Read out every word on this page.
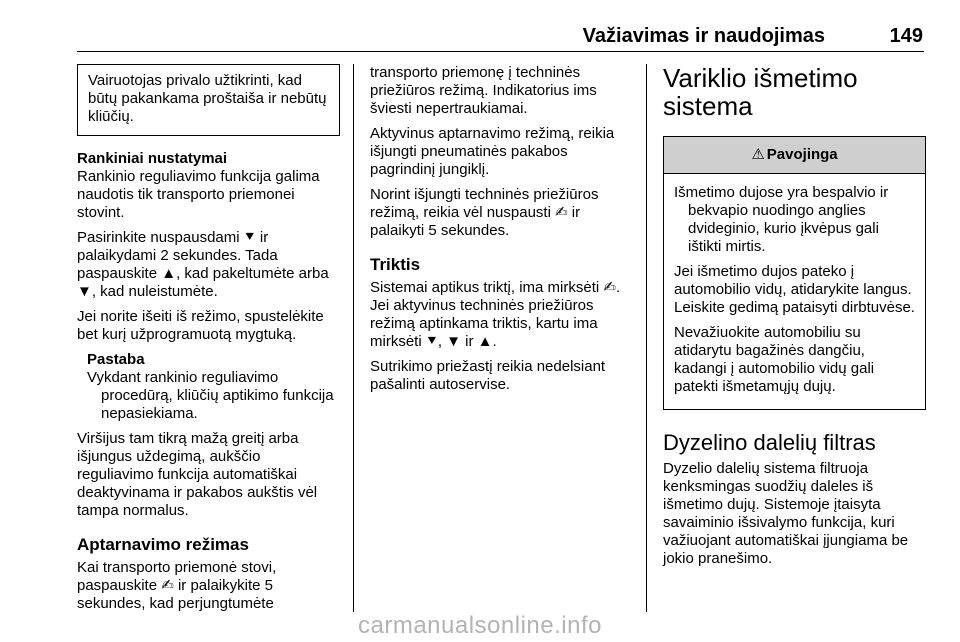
Važiavimas ir naudojimas	149
Vairuotojas privalo užtikrinti, kad būtų pakankama proštaiša ir nebūtų kliūčių.
Rankiniai nustatymai

Rankinio reguliavimo funkcija galima naudotis tik transporto priemonei stovint.

Pasirinkite nuspausdami ⯆ ir palaikydami 2 sekundes. Tada paspauskite ▲, kad pakeltumėte arba ▼, kad nuleistumėte.

Jei norite išeiti iš režimo, spustelėkite bet kurį užprogramuotą mygtuką.

Pastaba
Vykdant rankinio reguliavimo procedūrą, kliūčių aptikimo funkcija nepasiekiama.

Viršijus tam tikrą mažą greitį arba išjungus uždegimą, aukščio reguliavimo funkcija automatiškai deaktyvinama ir pakabos aukštis vėl tampa normalus.

Aptarnavimo režimas

Kai transporto priemonė stovi, paspauskite ✍ ir palaikykite 5 sekundes, kad perjungtumėte

transporto priemonę į techninės priežiūros režimą. Indikatorius ims šviesti nepertraukiamai.

Aktyvinus aptarnavimo režimą, reikia išjungti pneumatinės pakabos pagrindinį jungiklį.

Norint išjungti techninės priežiūros režimą, reikia vėl nuspausti ✍ ir palaikyti 5 sekundes.

Triktis

Sistemai aptikus triktį, ima mirksėti ✍. Jei aktyvinus techninės priežiūros režimą aptinkama triktis, kartu ima mirksėti ⯆, ▼ ir ▲.

Sutrikimo priežastį reikia nedelsiant pašalinti autoservise.

Variklio išmetimo sistema
⚠ Pavojinga

Išmetimo dujose yra bespalvio ir bekvapio nuodingo anglies dvideginio, kurio įkvėpus gali ištikti mirtis.

Jei išmetimo dujos pateko į automobilio vidų, atidarykite langus. Leiskite gedimą pataisyti dirbtuvėse.

Nevažiuokite automobiliu su atidarytu bagažinės dangčiu, kadangi į automobilio vidų gali patekti išmetamųjų dujų.

Dyzelino dalelių filtras

Dyzelio dalelių sistema filtruoja kenksmingas suodžių daleles iš išmetimo dujų. Sistemoje įtaisyta savaiminio išsivalymo funkcija, kuri važiuojant automatiškai įjungiama be jokio pranešimo.

carmanualsonline.info
